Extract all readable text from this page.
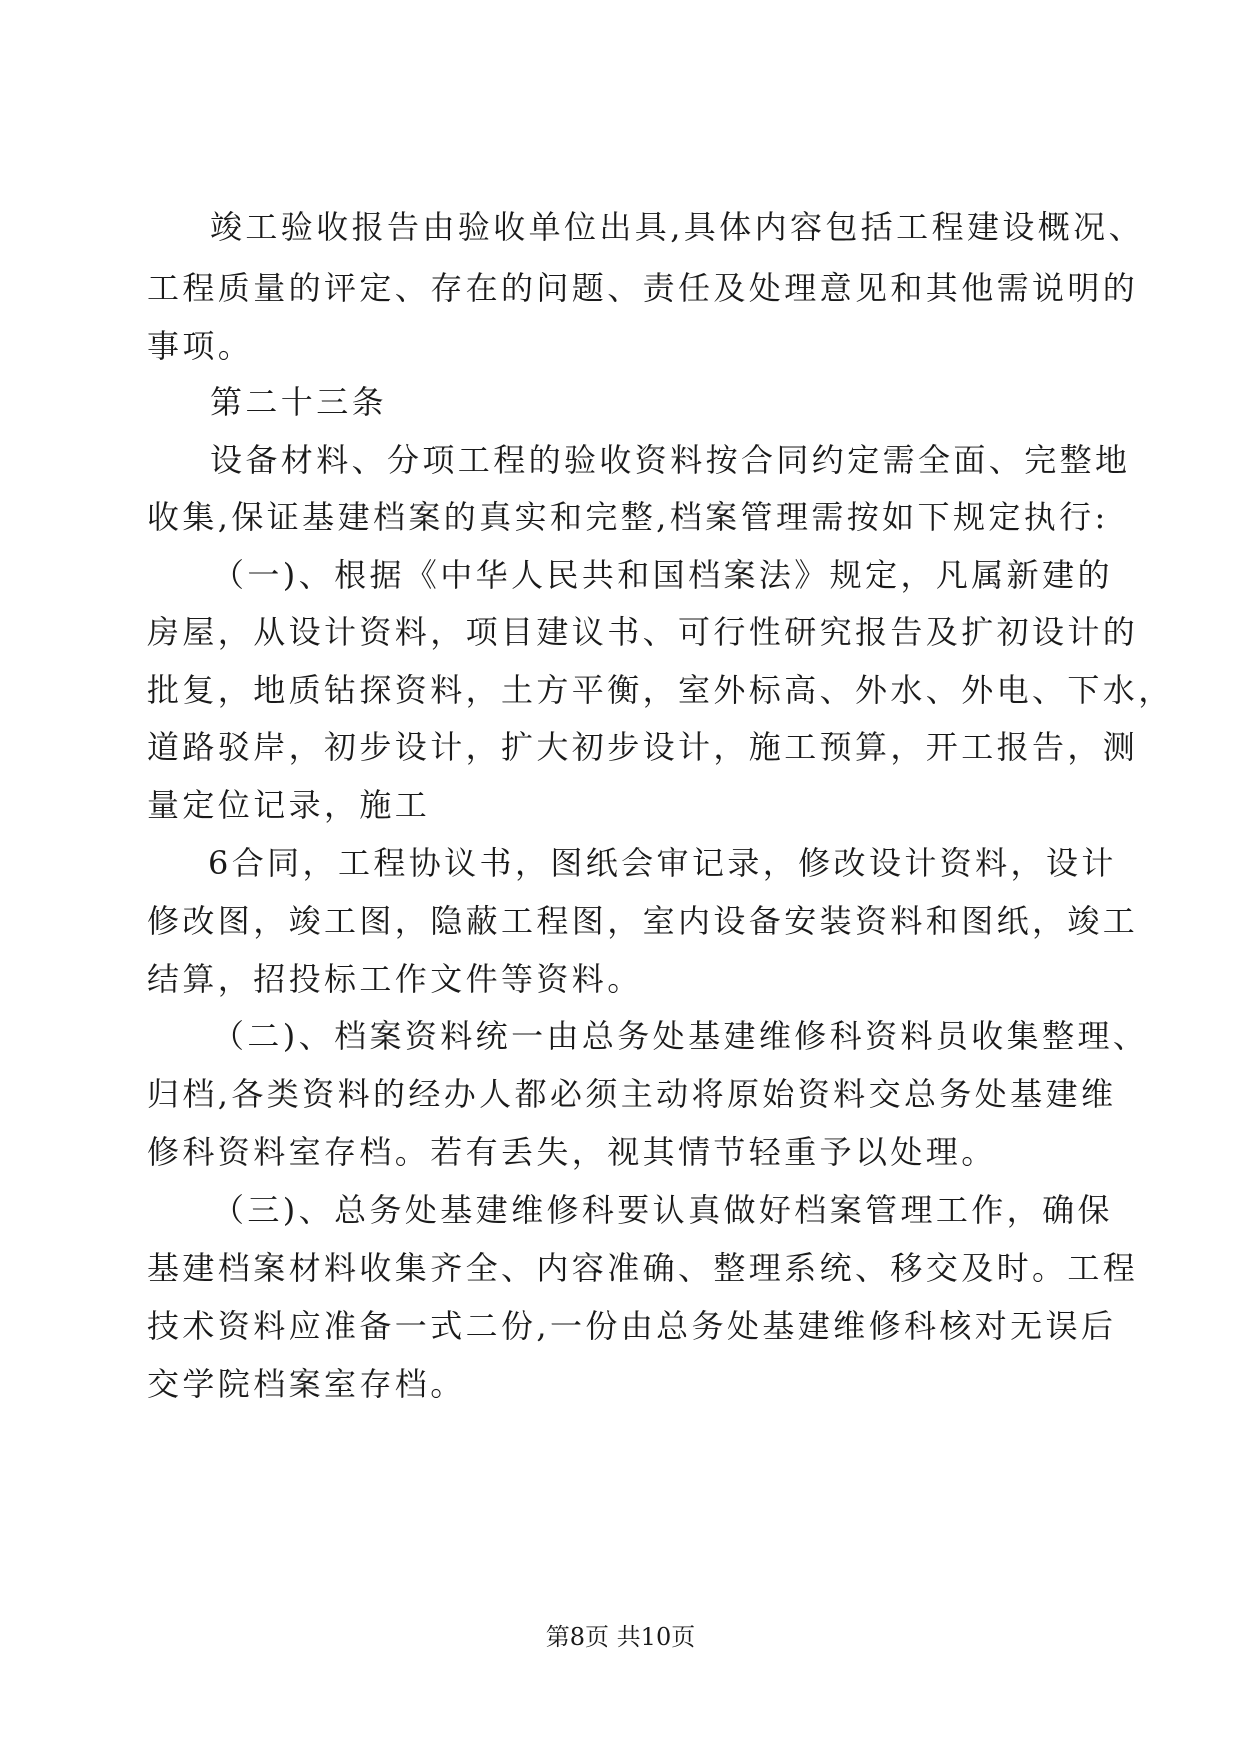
竣工验收报告由验收单位出具,具体内容包括工程建设概况、
工程质量的评定、存在的问题、责任及处理意见和其他需说明的
事项。
第二十三条
设备材料、分项工程的验收资料按合同约定需全面、完整地
收集,保证基建档案的真实和完整,档案管理需按如下规定执行:
（一)、根据《中华人民共和国档案法》规定，凡属新建的
房屋，从设计资料，项目建议书、可行性研究报告及扩初设计的
批复，地质钻探资料，土方平衡，室外标高、外水、外电、下水，
道路驳岸，初步设计，扩大初步设计，施工预算，开工报告，测
量定位记录，施工
6合同，工程协议书，图纸会审记录，修改设计资料，设计
修改图，竣工图，隐蔽工程图，室内设备安装资料和图纸，竣工
结算，招投标工作文件等资料。
（二)、档案资料统一由总务处基建维修科资料员收集整理、
归档,各类资料的经办人都必须主动将原始资料交总务处基建维
修科资料室存档。若有丢失，视其情节轻重予以处理。
（三)、总务处基建维修科要认真做好档案管理工作，确保
基建档案材料收集齐全、内容准确、整理系统、移交及时。工程
技术资料应准备一式二份,一份由总务处基建维修科核对无误后
交学院档案室存档。
第8页 共10页
